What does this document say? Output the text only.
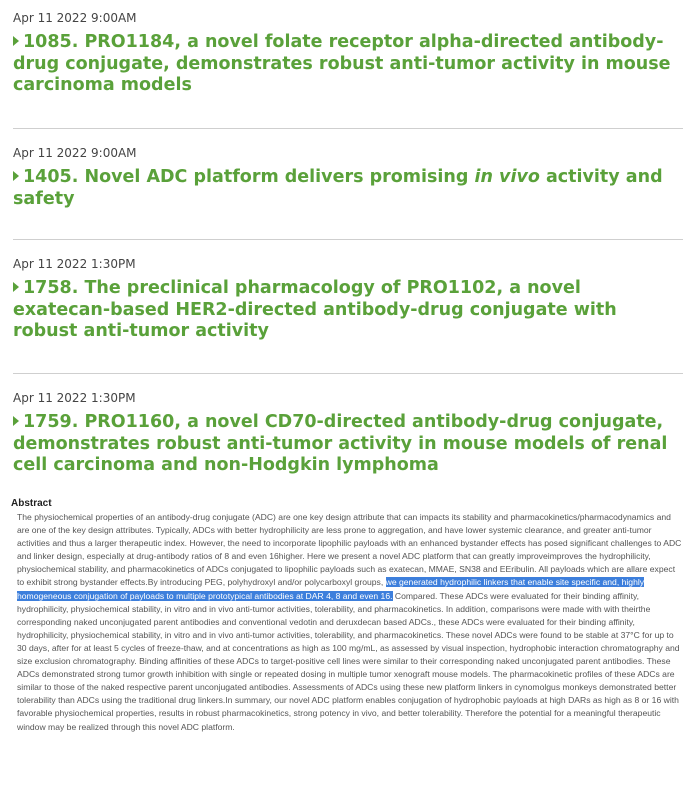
Apr 11 2022 9:00AM
1085. PRO1184, a novel folate receptor alpha-directed antibody-drug conjugate, demonstrates robust anti-tumor activity in mouse carcinoma models
Apr 11 2022 9:00AM
1405. Novel ADC platform delivers promising in vivo activity and safety
Apr 11 2022 1:30PM
1758. The preclinical pharmacology of PRO1102, a novel exatecan-based HER2-directed antibody-drug conjugate with robust anti-tumor activity
Apr 11 2022 1:30PM
1759. PRO1160, a novel CD70-directed antibody-drug conjugate, demonstrates robust anti-tumor activity in mouse models of renal cell carcinoma and non-Hodgkin lymphoma
Abstract
The physiochemical properties of an antibody-drug conjugate (ADC) are one key design attribute that can impacts its stability and pharmacokinetics/pharmacodynamics and are one of the key design attributes. Typically, ADCs with better hydrophilicity are less prone to aggregation, and have lower systemic clearance, and greater anti-tumor activities and thus a larger therapeutic index. However, the need to incorporate lipophilic payloads with an enhanced bystander effects has posed significant challenges to ADC and linker design, especially at drug-antibody ratios of 8 and even 16higher. Here we present a novel ADC platform that can greatly improveimproves the hydrophilicity, physiochemical stability, and pharmacokinetics of ADCs conjugated to lipophilic payloads such as exatecan, MMAE, SN38 and EEribulin. All payloads which are allare expect to exhibit strong bystander effects.By introducing PEG, polyhydroxyl and/or polycarboxyl groups, we generated hydrophilic linkers that enable site specific and, highly homogeneous conjugation of payloads to multiple prototypical antibodies at DAR 4, 8 and even 16. Compared. These ADCs were evaluated for their binding affinity, hydrophilicity, physiochemical stability, in vitro and in vivo anti-tumor activities, tolerability, and pharmacokinetics. In addition, comparisons were made with with theirthe corresponding naked unconjugated parent antibodies and conventional vedotin and deruxdecan based ADCs., these ADCs were evaluated for their binding affinity, hydrophilicity, physiochemical stability, in vitro and in vivo anti-tumor activities, tolerability, and pharmacokinetics. These novel ADCs were found to be stable at 37°C for up to 30 days, after for at least 5 cycles of freeze-thaw, and at concentrations as high as 100 mg/mL, as assessed by visual inspection, hydrophobic interaction chromatography and size exclusion chromatography. Binding affinities of these ADCs to target-positive cell lines were similar to their corresponding naked unconjugated parent antibodies. These ADCs demonstrated strong tumor growth inhibition with single or repeated dosing in multiple tumor xenograft mouse models. The pharmacokinetic profiles of these ADCs are similar to those of the naked respective parent unconjugated antibodies. Assessments of ADCs using these new platform linkers in cynomolgus monkeys demonstrated better tolerability than ADCs using the traditional drug linkers.In summary, our novel ADC platform enables conjugation of hydrophobic payloads at high DARs as high as 8 or 16 with favorable physiochemical properties, results in robust pharmacokinetics, strong potency in vivo, and better tolerability. Therefore the potential for a meaningful therapeutic window may be realized through this novel ADC platform.
